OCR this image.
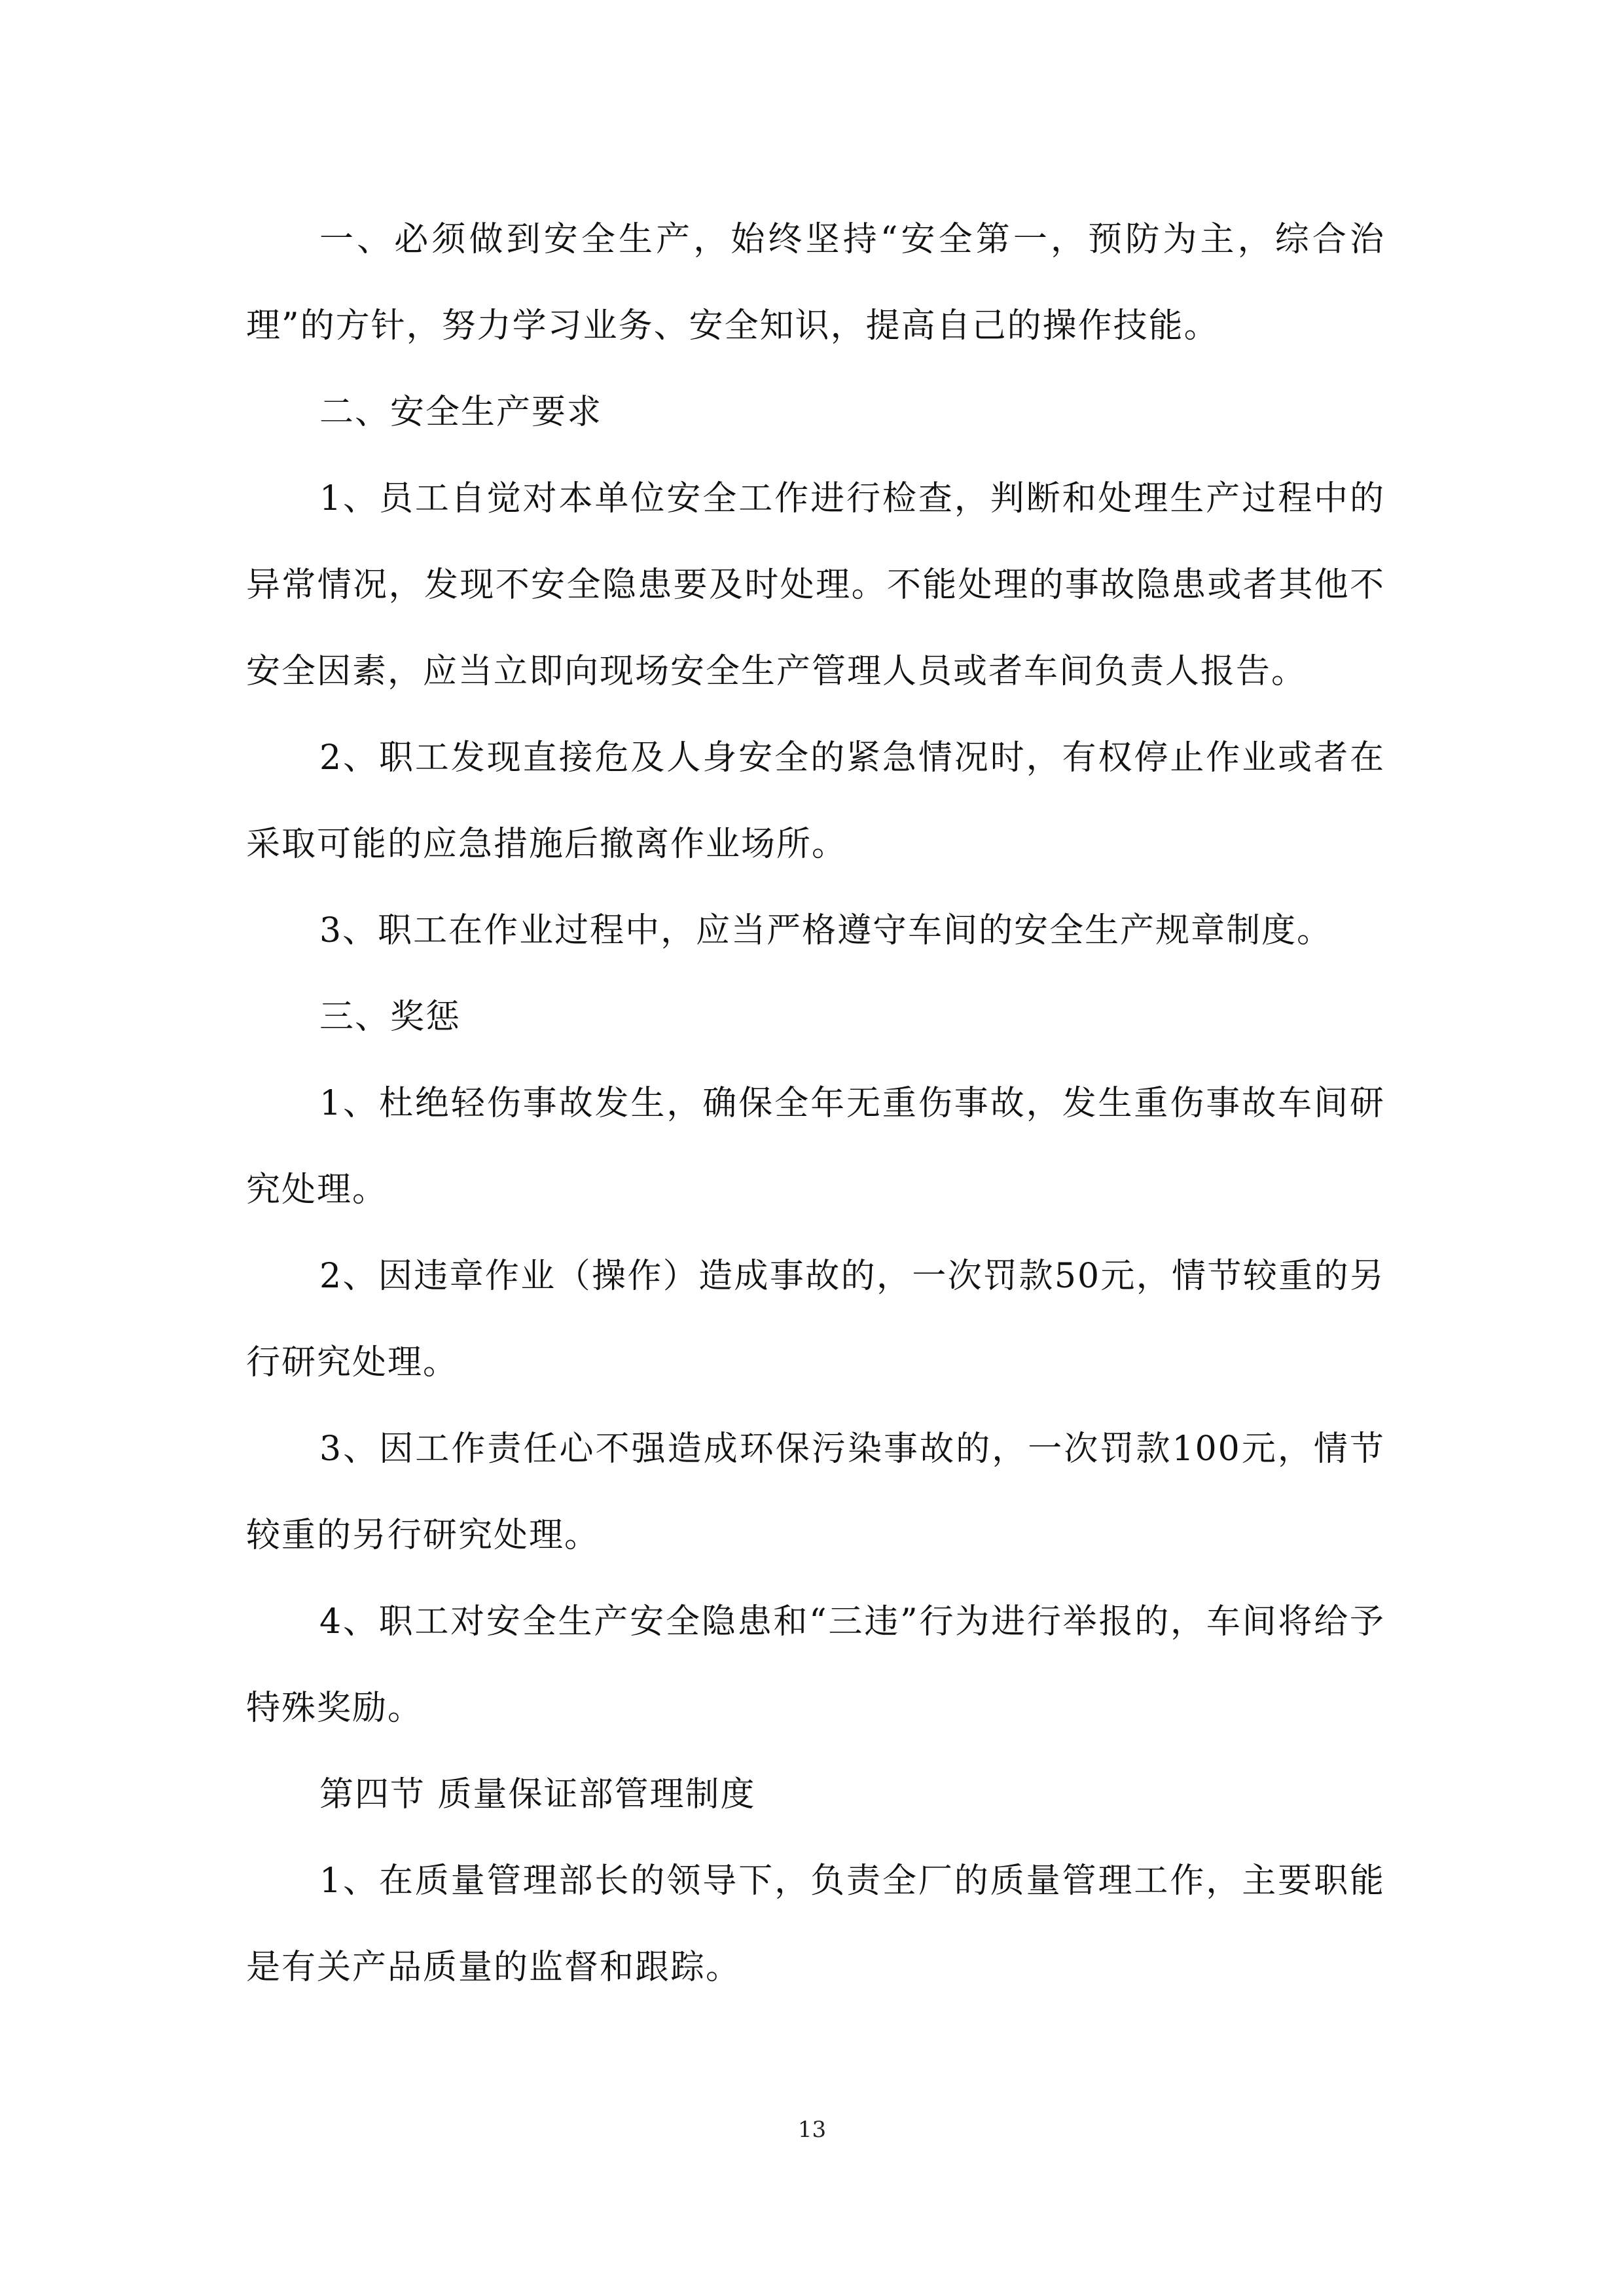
一、必须做到安全生产，始终坚持“安全第一，预防为主，综合治理”的方针，努力学习业务、安全知识，提高自己的操作技能。

二、安全生产要求

1、员工自觉对本单位安全工作进行检查，判断和处理生产过程中的异常情况，发现不安全隐患要及时处理。不能处理的事故隐患或者其他不安全因素，应当立即向现场安全生产管理人员或者车间负责人报告。

2、职工发现直接危及人身安全的紧急情况时，有权停止作业或者在采取可能的应急措施后撤离作业场所。

3、职工在作业过程中，应当严格遵守车间的安全生产规章制度。

三、奖惩

1、杜绝轻伤事故发生，确保全年无重伤事故，发生重伤事故车间研究处理。

2、因违章作业（操作）造成事故的，一次罚款50元，情节较重的另行研究处理。

3、因工作责任心不强造成环保污染事故的，一次罚款100元，情节较重的另行研究处理。

4、职工对安全生产安全隐患和“三违”行为进行举报的，车间将给予特殊奖励。

第四节 质量保证部管理制度

1、在质量管理部长的领导下，负责全厂的质量管理工作，主要职能是有关产品质量的监督和跟踪。

13
